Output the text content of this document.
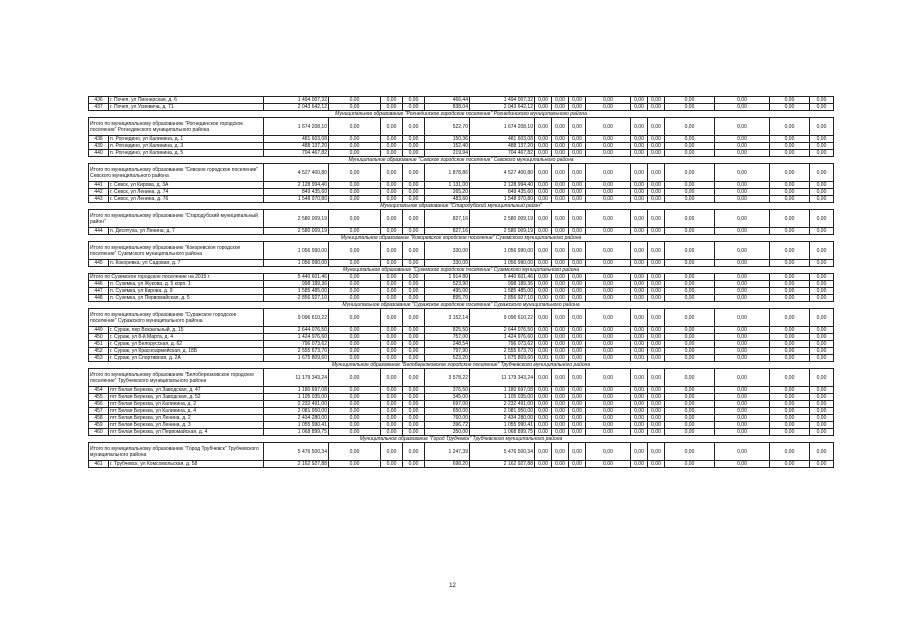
436	г. Почеп, ул Пионерская, д. 6	1 494 007,32	0,00	0,00	0,00	466,44	1 494 007,32	0,00	0,00	0,00	0,00	0,00	0,00	0,00	0,00	0,00	0,00
437	г. Почеп, ул Усиевича, д. 71	2 043 642,12	0,00	0,00	0,00	838,04	2 043 642,12	0,00	0,00	0,00	0,00	0,00	0,00	0,00	0,00	0,00	0,00
Муниципальное образование "Рогнединское городское поселение" Рогнединского муниципального района																	
Итого по муниципальному образованию "Рогнединское городское поселение" Рогнединского муниципального района		1 674 208,10	0,00	0,00	0,00	522,70	1 674 208,10	0,00	0,00	0,00	0,00	0,00	0,00	0,00	0,00	0,00	0,00
438	п. Рогнедино, ул Калинина, д. 1	481 603,08	0,00	0,00	0,00	150,36	481 603,08	0,00	0,00	0,00	0,00	0,00	0,00	0,00	0,00	0,00	0,00
439	п. Рогнедино, ул Калинина, д. 3	488 137,20	0,00	0,00	0,00	152,40	488 137,20	0,00	0,00	0,00	0,00	0,00	0,00	0,00	0,00	0,00	0,00
440	п. Рогнедино, ул Калинина, д. 5	704 467,82	0,00	0,00	0,00	219,94	704 467,82	0,00	0,00	0,00	0,00	0,00	0,00	0,00	0,00	0,00	0,00
Муниципальное образование "Севское городское поселение" Севского муниципального района																	
Итого по муниципальному образованию "Севское городское поселение" Севского муниципального района		4 527 400,80	0,00	0,00	0,00	1 878,86	4 527 400,80	0,00	0,00	0,00	0,00	0,00	0,00	0,00	0,00	0,00	0,00
441	г. Севск, ул Кирова, д. 3А	2 128 994,40	0,00	0,00	0,00	1 131,00	2 128 994,40	0,00	0,00	0,00	0,00	0,00	0,00	0,00	0,00	0,00	0,00
442	г. Севск, ул Ленина, д. 74	849 435,60	0,00	0,00	0,00	265,20	849 435,60	0,00	0,00	0,00	0,00	0,00	0,00	0,00	0,00	0,00	0,00
443	г. Севск, ул Ленина, д. 76	1 548 970,80	0,00	0,00	0,00	483,60	1 548 970,80	0,00	0,00	0,00	0,00	0,00	0,00	0,00	0,00	0,00	0,00
Муниципальное образование "Стародубский муниципальный район"																	
Итого по муниципальному образованию "Стародубский муниципальный район"		2 580 009,19	0,00	0,00	0,00	827,16	2 580 009,19	0,00	0,00	0,00	0,00	0,00	0,00	0,00	0,00	0,00	0,00
444	п. Десятуха, ул Ленина, д. 7	2 580 009,19	0,00	0,00	0,00	827,16	2 580 009,19	0,00	0,00	0,00	0,00	0,00	0,00	0,00	0,00	0,00	0,00
Муниципальное образование "Кокоревское городское поселение" Суземского муниципального района																	
Итого по муниципальному образованию "Кокоревское городское поселение" Суземского муниципального района		1 056 990,00	0,00	0,00	0,00	330,00	1 056 990,00	0,00	0,00	0,00	0,00	0,00	0,00	0,00	0,00	0,00	0,00
445	п. Кокоревка, ул Садовая, д. 7	1 056 990,00	0,00	0,00	0,00	330,00	1 056 990,00	0,00	0,00	0,00	0,00	0,00	0,00	0,00	0,00	0,00	0,00
Муниципальное образование "Суземское городское поселение" Суземского муниципального района																	
Итого по Суземское городское поселение на 2015 г		5 440 601,46	0,00	0,00	0,00	1 914 80	5 440 601,46	0,00	0,00	0,00	0,00	0,00	0,00	0,00	0,00	0,00	0,00
446	п. Суземка, ул Жукова, д. 5 корп. 1	998 189,36	0,00	0,00	0,00	523,90	998 189,36	0,00	0,00	0,00	0,00	0,00	0,00	0,00	0,00	0,00	0,00
447	п. Суземка, ул Кирова, д. 9	1 585 485,00	0,00	0,00	0,00	495,00	1 585 485,00	0,00	0,00	0,00	0,00	0,00	0,00	0,00	0,00	0,00	0,00
448	п. Суземка, ул Первомайская, д. 5	2 856 927,10	0,00	0,00	0,00	895,70	2 856 927,10	0,00	0,00	0,00	0,00	0,00	0,00	0,00	0,00	0,00	0,00
Муниципальное образование "Суражское городское поселение" Суражского муниципального района																	
Итого по муниципальному образованию "Суражское городское поселение" Суражского муниципального района		9 096 610,22	0,00	0,00	0,00	3 152,14	9 096 610,22	0,00	0,00	0,00	0,00	0,00	0,00	0,00	0,00	0,00	0,00
449	г. Сураж, пер Вокзальный, д. 15	2 644 076,50	0,00	0,00	0,00	825,50	2 644 076,50	0,00	0,00	0,00	0,00	0,00	0,00	0,00	0,00	0,00	0,00
450	г. Сураж, ул 8-й Марта, д. 4	1 424 976,60	0,00	0,00	0,00	757,00	1 424 976,60	0,00	0,00	0,00	0,00	0,00	0,00	0,00	0,00	0,00	0,00
451	г. Сураж, ул Белорусская, д. 62	796 073,62	0,00	0,00	0,00	248,54	796 073,62	0,00	0,00	0,00	0,00	0,00	0,00	0,00	0,00	0,00	0,00
452	г. Сураж, ул Красноармейская, д. 18Б	2 555 673,70	0,00	0,00	0,00	797,90	2 555 673,70	0,00	0,00	0,00	0,00	0,00	0,00	0,00	0,00	0,00	0,00
453	г. Сураж, ул Спортивная, д. 2А	1 675 809,60	0,00	0,00	0,00	523,20	1 675 809,60	0,00	0,00	0,00	0,00	0,00	0,00	0,00	0,00	0,00	0,00
Муниципальное образование "Белоберезковское городское поселение" Трубчевского муниципального района																	
Итого по муниципальному образованию "Белоберезковское городское поселение" Трубчевского муниципального района		11 179 343,24	0,00	0,00	0,00	3 578,22	11 179 343,24	0,00	0,00	0,00	0,00	0,00	0,00	0,00	0,00	0,00	0,00
454	пгт Белая Березка, ул Заводская, д. 47	1 180 697,08	0,00	0,00	0,00	376,50	1 180 697,08	0,00	0,00	0,00	0,00	0,00	0,00	0,00	0,00	0,00	0,00
455	пгт Белая Березка, ул Заводская, д. 52	1 105 035,00	0,00	0,00	0,00	345,00	1 105 035,00	0,00	0,00	0,00	0,00	0,00	0,00	0,00	0,00	0,00	0,00
456	пгт Белая Березка, ул Калинина, д. 2	2 232 491,00	0,00	0,00	0,00	697,00	2 232 491,00	0,00	0,00	0,00	0,00	0,00	0,00	0,00	0,00	0,00	0,00
457	пгт Белая Березка, ул Калинина, д. 4	2 081 950,00	0,00	0,00	0,00	650,00	2 081 950,00	0,00	0,00	0,00	0,00	0,00	0,00	0,00	0,00	0,00	0,00
458	пгт Белая Березка, ул Ленина, д. 2	2 434 280,00	0,00	0,00	0,00	760,00	2 434 280,00	0,00	0,00	0,00	0,00	0,00	0,00	0,00	0,00	0,00	0,00
459	пгт Белая Березка, ул Ленина, д. 3	1 055 990,41	0,00	0,00	0,00	396,72	1 055 990,41	0,00	0,00	0,00	0,00	0,00	0,00	0,00	0,00	0,00	0,00
460	пгт Белая Березка, ул Первомайская, д. 4	1 068 899,75	0,00	0,00	0,00	350,00	1 068 899,75	0,00	0,00	0,00	0,00	0,00	0,00	0,00	0,00	0,00	0,00
Муниципальное образование "Город Трубчевск" Трубчевского муниципального района																	
Итого по муниципальному образованию "Город Трубчевск" Трубчевского муниципального района		5 476 500,34	0,00	0,00	0,00	1 247,39	5 476 500,34	0,00	0,00	0,00	0,00	0,00	0,00	0,00	0,00	0,00	0,00
461	г. Трубчевск, ул Комсомольская, д. 58	2 162 927,88	0,00	0,00	0,00	698,20	2 162 927,88	0,00	0,00	0,00	0,00	0,00	0,00	0,00	0,00	0,00	0,00
12
